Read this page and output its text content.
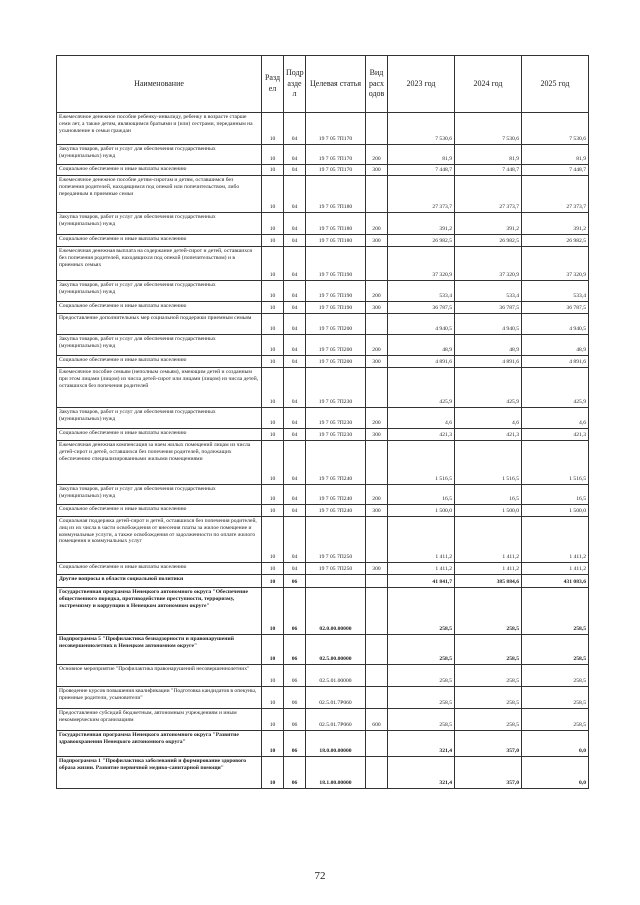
Наименование	Разд ел	Подр азде л	Целевая статья	Вид расх одов	2023 год	2024 год	2025 год
Ежемесячное денежное пособие ребенку-инвалиду, ребенку в возрасте старше семи лет, а также детям, являющимся братьями и (или) сестрами, переданным на усыновление в семьи граждан	10	04	19 7 05 7П170		7 530,6	7 530,6	7 530,6
Закупка товаров, работ и услуг для обеспечения государственных (муниципальных) нужд	10	04	19 7 05 7П170	200	81,9	81,9	81,9
Социальное обеспечение и иные выплаты населению	10	04	19 7 05 7П170	300	7 448,7	7 448,7	7 448,7
Ежемесячное денежное пособие детям-сиротам и детям, оставшимся без попечения родителей, находящимся под опекой или попечительством, либо переданным в приемные семьи	10	04	19 7 05 7П180		27 373,7	27 373,7	27 373,7
Закупка товаров, работ и услуг для обеспечения государственных (муниципальных) нужд	10	04	19 7 05 7П180	200	391,2	391,2	391,2
Социальное обеспечение и иные выплаты населению	10	04	19 7 05 7П180	300	26 982,5	26 982,5	26 982,5
Ежемесячная денежная выплата на содержание детей-сирот и детей, оставшихся без попечения родителей, находящихся под опекой (попечительством) и в приемных семьях	10	04	19 7 05 7П190		37 320,9	37 320,9	37 320,9
Закупка товаров, работ и услуг для обеспечения государственных (муниципальных) нужд	10	04	19 7 05 7П190	200	533,4	533,4	533,4
Социальное обеспечение и иные выплаты населению	10	04	19 7 05 7П190	300	36 787,5	36 787,5	36 787,5
Предоставление дополнительных мер социальной поддержки приемным семьям	10	04	19 7 05 7П200		4 940,5	4 940,5	4 940,5
Закупка товаров, работ и услуг для обеспечения государственных (муниципальных) нужд	10	04	19 7 05 7П200	200	48,9	48,9	48,9
Социальное обеспечение и иные выплаты населению	10	04	19 7 05 7П200	300	4 891,6	4 891,6	4 891,6
Ежемесячное пособие семьям (неполным семьям), имеющим детей и созданным при этом лицами (лицом) из числа детей-сирот или лицами (лицом) из числа детей, оставшихся без попечения родителей	10	04	19 7 05 7П230		425,9	425,9	425,9
Закупка товаров, работ и услуг для обеспечения государственных (муниципальных) нужд	10	04	19 7 05 7П230	200	4,6	4,6	4,6
Социальное обеспечение и иные выплаты населению	10	04	19 7 05 7П230	300	421,3	421,3	421,3
Ежемесячная денежная компенсация за наем жилых помещений лицам из числа детей-сирот и детей, оставшихся без попечения родителей, подлежащих обеспечению специализированными жилыми помещениями	10	04	19 7 05 7П240		1 516,5	1 516,5	1 516,5
Закупка товаров, работ и услуг для обеспечения государственных (муниципальных) нужд	10	04	19 7 05 7П240	200	16,5	16,5	16,5
Социальное обеспечение и иные выплаты населению	10	04	19 7 05 7П240	300	1 500,0	1 500,0	1 500,0
Социальная поддержка детей-сирот и детей, оставшихся без попечения родителей, лиц из их числа в части освобождения от внесения платы за жилое помещение и коммунальные услуги, а также освобождения от задолженности по оплате жилого помещения и коммунальных услуг	10	04	19 7 05 7П250		1 411,2	1 411,2	1 411,2
Социальное обеспечение и иные выплаты населению	10	04	19 7 05 7П250	300	1 411,2	1 411,2	1 411,2
Другие вопросы в области социальной политики	10	06			41 841,7	385 884,6	431 083,6
Государственная программа Ненецкого автономного округа "Обеспечение общественного порядка, противодействие преступности, терроризму, экстремизму и коррупции в Ненецком автономном округе"	10	06	02.0.00.00000		258,5	258,5	258,5
Подпрограмма 5 "Профилактика безнадзорности и правонарушений несовершеннолетних в Ненецком автономном округе"	10	06	02.5.00.00000		258,5	258,5	258,5
Основное мероприятие "Профилактика правонарушений несовершеннолетних"	10	06	02.5.01.00000		258,5	258,5	258,5
Проведение курсов повышения квалификации "Подготовка кандидатов в опекуны, приемные родители, усыновители"	10	06	02.5.01.7Р060		258,5	258,5	258,5
Предоставление субсидий бюджетным, автономным учреждениям и иным некоммерческим организациям	10	06	02.5.01.7Р060	600	258,5	258,5	258,5
Государственная программа Ненецкого автономного округа "Развитие здравоохранения Ненецкого автономного округа"	10	06	18.0.00.00000		321,4	357,0	0,0
Подпрограмма 1 "Профилактика заболеваний и формирование здорового образа жизни. Развитие первичной медико-санитарной помощи"	10	06	18.1.00.00000		321,4	357,0	0,0
72
